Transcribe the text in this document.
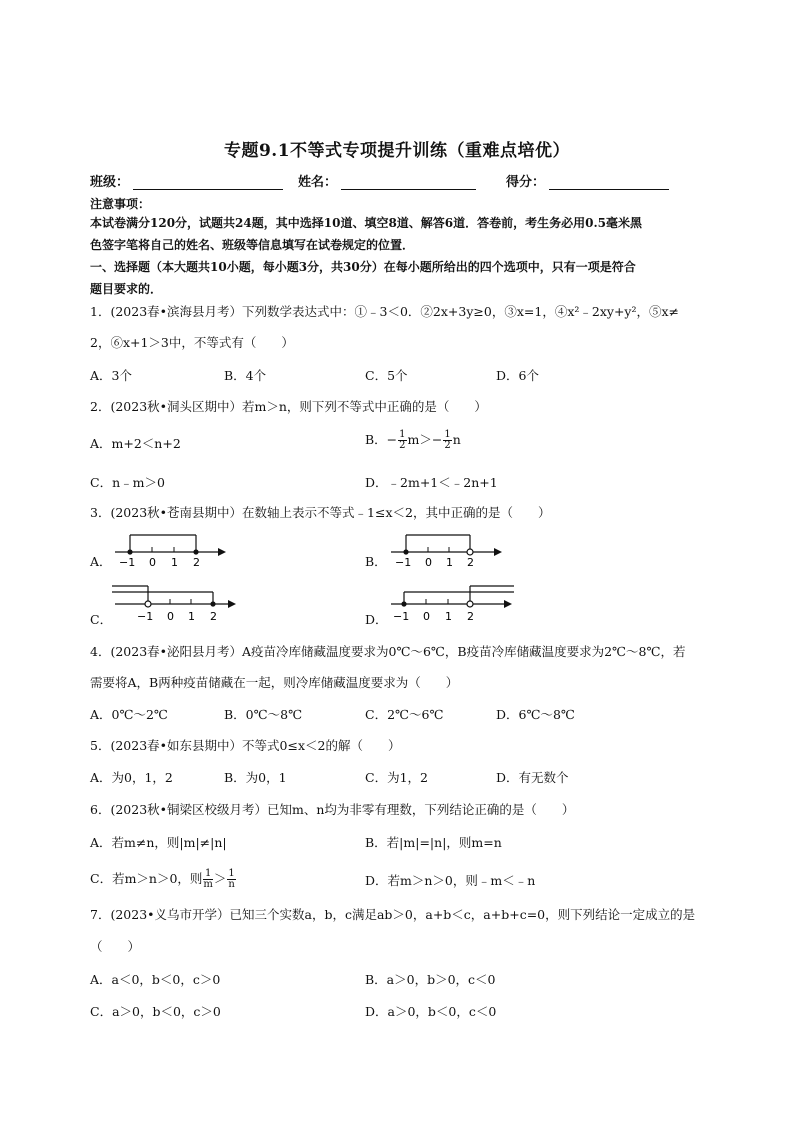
专题9.1不等式专项提升训练（重难点培优）
班级：	姓名：	得分：
注意事项：
本试卷满分120分，试题共24题，其中选择10道、填空8道、解答6道．答卷前，考生务必用0.5毫米黑
色签字笔将自己的姓名、班级等信息填写在试卷规定的位置．
一、选择题（本大题共10小题，每小题3分，共30分）在每小题所给出的四个选项中，只有一项是符合
题目要求的．
1．(2023春•滨海县月考）下列数学表达式中：①﹣3＜0．②2x+3y≥0，③x=1，④x²﹣2xy+y²，⑤x≠
2，⑥x+1＞3中，不等式有（　　）
A．3个	B．4个	C．5个	D．6个
2．(2023秋•洞头区期中）若m＞n，则下列不等式中正确的是（　　）
A．m+2＜n+2	B．− $\frac{1}{2} m>- \frac{1}{2}$ n
C．n﹣m＞0	D．﹣2m+1＜﹣2n+1
3．(2023秋•苍南县期中）在数轴上表示不等式﹣1≤x＜2，其中正确的是（　　）
A． −1 0 1 2	B． −1 0 1 2
C． −1 0 1 2	D． −1 0 1 2
4．(2023春•泌阳县月考）A疫苗冷库储藏温度要求为0℃～6℃，B疫苗冷库储藏温度要求为2℃～8℃，若
需要将A，B两种疫苗储藏在一起，则冷库储藏温度要求为（　　）
A．0℃～2℃	B．0℃～8℃	C．2℃～6℃	D．6℃～8℃
5．(2023春•如东县期中）不等式0≤x＜2的解（　　）
A．为0，1，2	B．为0，1	C．为1，2	D．有无数个
6．(2023秋•铜梁区校级月考）已知m、n均为非零有理数，下列结论正确的是（　　）
A．若m≠n，则|m|≠|n|	B．若|m|=|n|，则m=n
C．若m＞n＞0，则 $\frac{1}{m} > \frac{1}{n}$	D．若m＞n＞0，则﹣m＜﹣n
7．(2023•义乌市开学）已知三个实数a，b，c满足ab＞0，a+b＜c，a+b+c=0，则下列结论一定成立的是
（　　）
A．a＜0，b＜0，c＞0	B．a＞0，b＞0，c＜0
C．a＞0，b＜0，c＞0	D．a＞0，b＜0，c＜0
